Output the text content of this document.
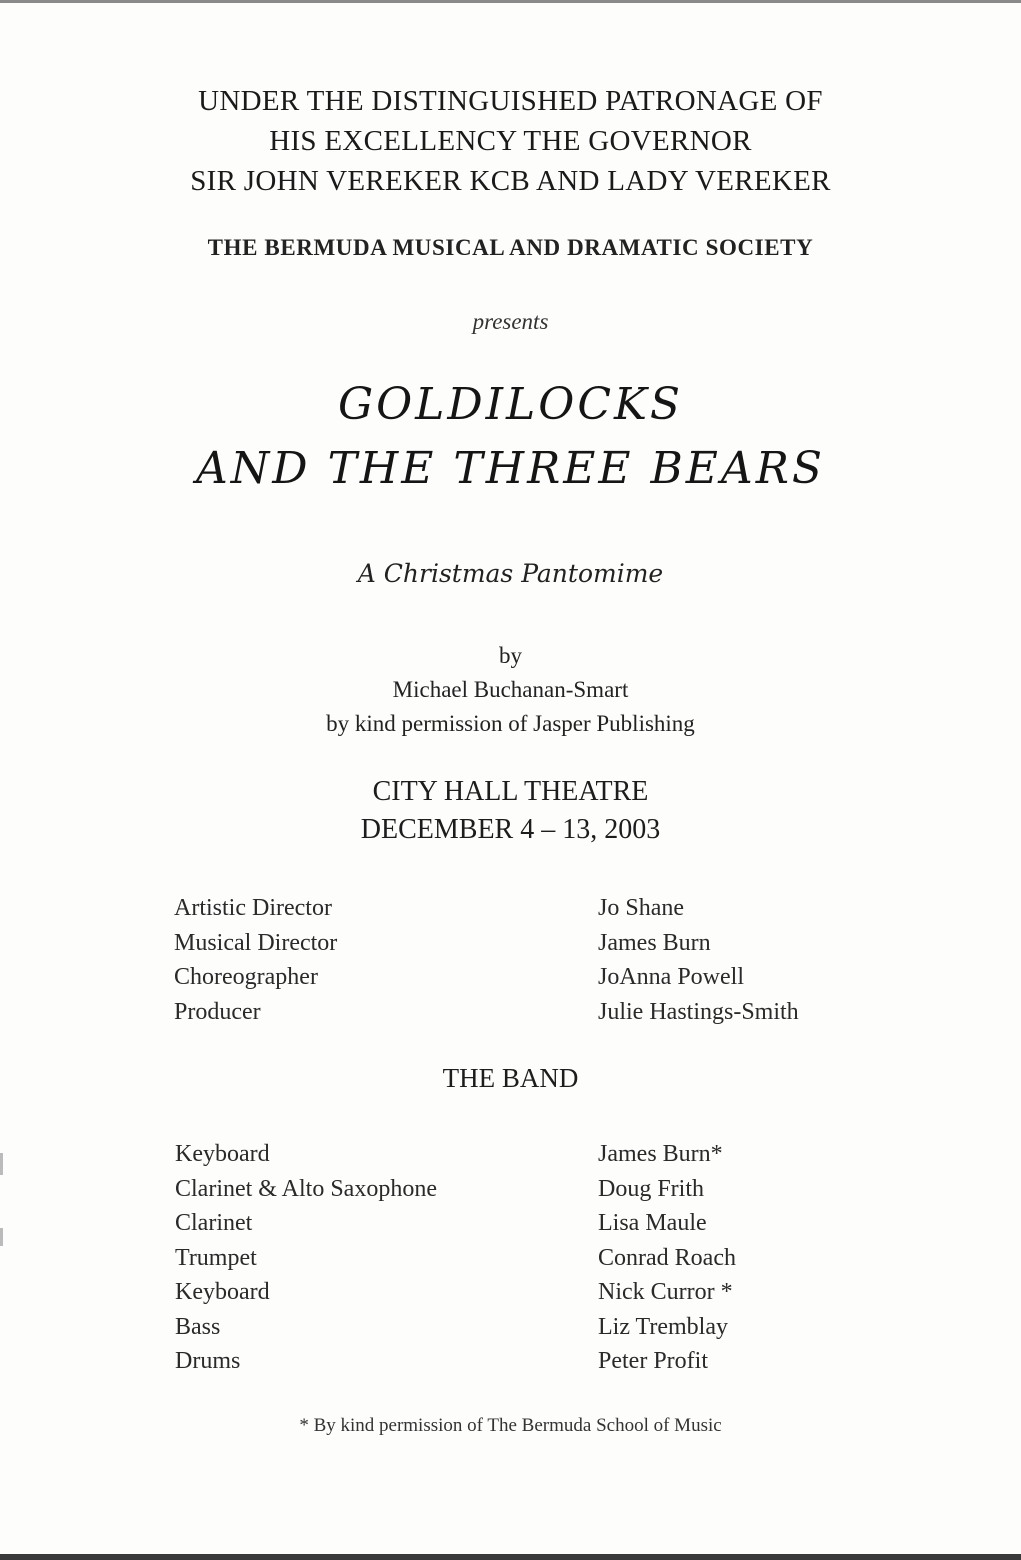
UNDER THE DISTINGUISHED PATRONAGE OF
HIS EXCELLENCY THE GOVERNOR
SIR JOHN VEREKER KCB AND LADY VEREKER
THE BERMUDA MUSICAL AND DRAMATIC SOCIETY
presents
GOLDILOCKS
AND THE THREE BEARS
A Christmas Pantomime
by
Michael Buchanan-Smart
by kind permission of Jasper Publishing
CITY HALL THEATRE
DECEMBER 4 – 13, 2003
Artistic Director
Musical Director
Choreographer
Producer
Jo Shane
James Burn
JoAnna Powell
Julie Hastings-Smith
THE BAND
Keyboard
Clarinet & Alto Saxophone
Clarinet
Trumpet
Keyboard
Bass
Drums
James Burn*
Doug Frith
Lisa Maule
Conrad Roach
Nick Curror *
Liz Tremblay
Peter Profit
* By kind permission of The Bermuda School of Music
